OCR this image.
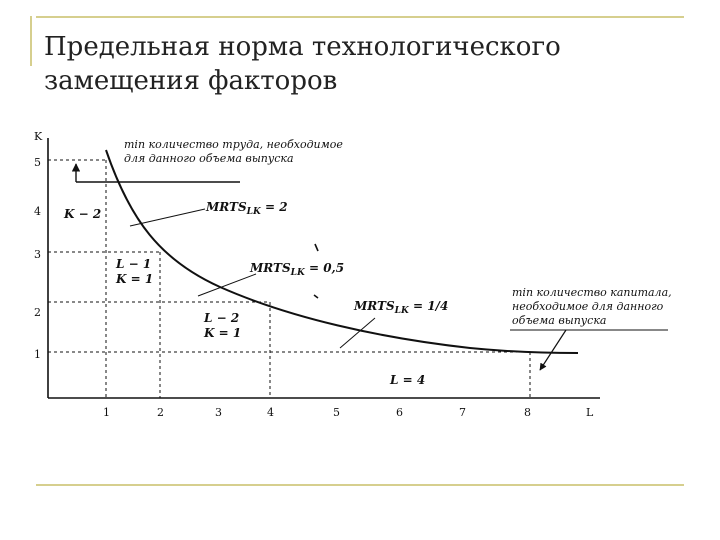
Предельная норма технологического
замещения факторов
K
L
5
4
3
2
1
1	2	3	4	5	6	7	8
min количество труда, необходимое
для данного объема выпуска
K − 2	$MRTS_{LK} = 2$
L − 1
K = 1
$MRTS_{LK} = 0,5$
L − 2
K = 1
$MRTS_{LK} = 1/4$
min количество капитала,
необходимое для данного
объема выпуска
L = 4
